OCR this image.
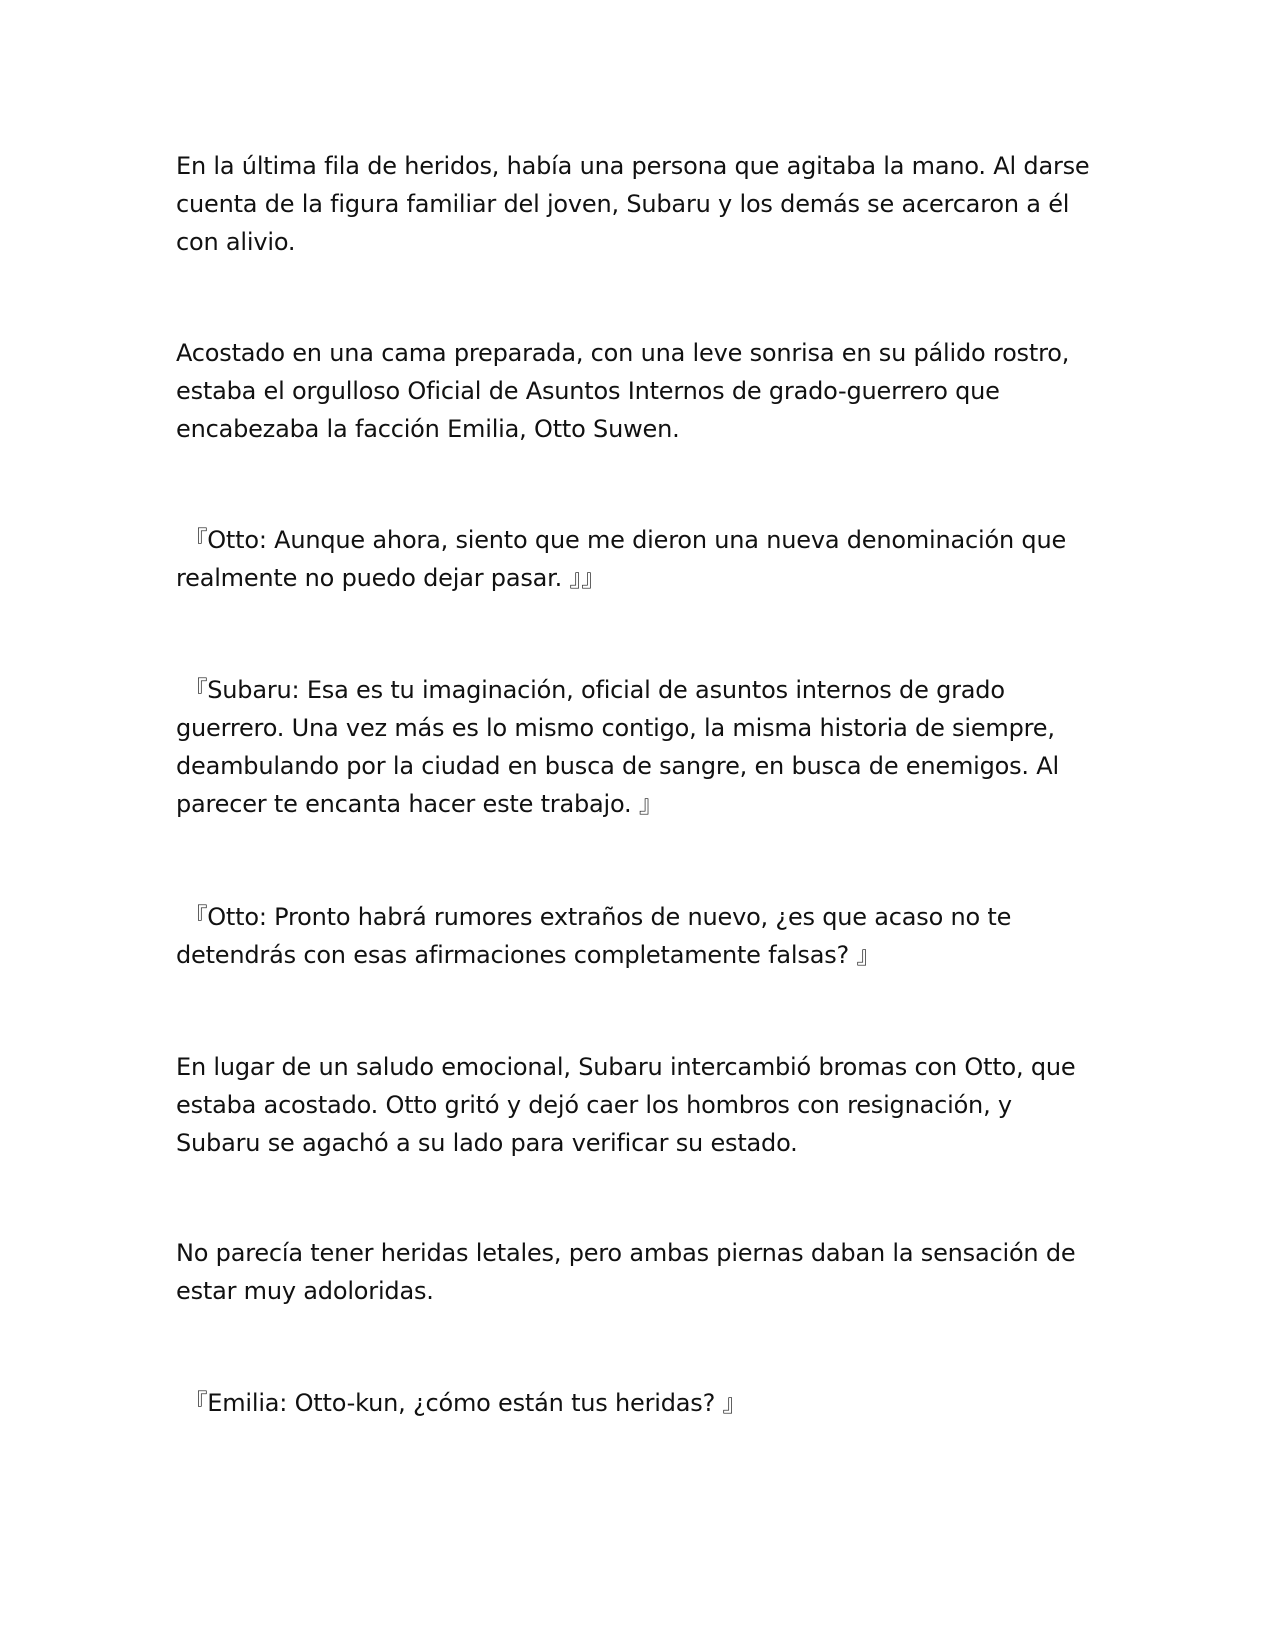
En la última fila de heridos, había una persona que agitaba la mano. Al darse cuenta de la figura familiar del joven, Subaru y los demás se acercaron a él con alivio.

Acostado en una cama preparada, con una leve sonrisa en su pálido rostro, estaba el orgulloso Oficial de Asuntos Internos de grado-guerrero que encabezaba la facción Emilia, Otto Suwen.

『Otto: Aunque ahora, siento que me dieron una nueva denominación que realmente no puedo dejar pasar. 』』

『Subaru: Esa es tu imaginación, oficial de asuntos internos de grado guerrero. Una vez más es lo mismo contigo, la misma historia de siempre, deambulando por la ciudad en busca de sangre, en busca de enemigos. Al parecer te encanta hacer este trabajo. 』

『Otto: Pronto habrá rumores extraños de nuevo, ¿es que acaso no te detendrás con esas afirmaciones completamente falsas? 』

En lugar de un saludo emocional, Subaru intercambió bromas con Otto, que estaba acostado. Otto gritó y dejó caer los hombros con resignación, y Subaru se agachó a su lado para verificar su estado.

No parecía tener heridas letales, pero ambas piernas daban la sensación de estar muy adoloridas.

『Emilia: Otto-kun, ¿cómo están tus heridas? 』
